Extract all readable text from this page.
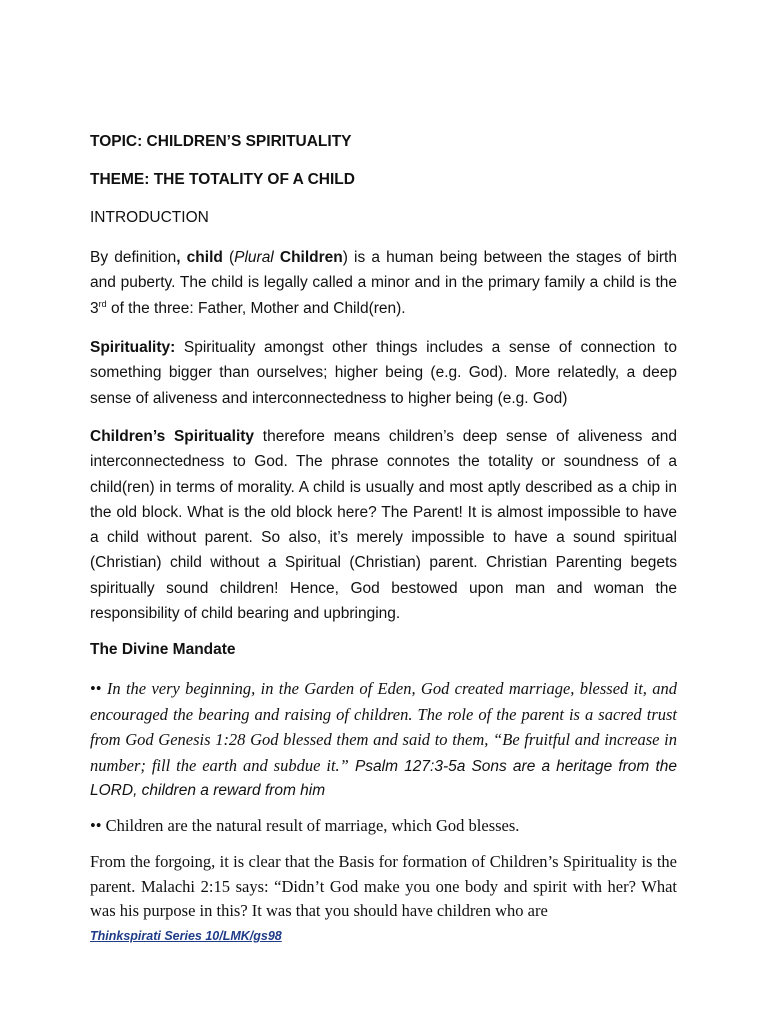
TOPIC: CHILDREN’S SPIRITUALITY

THEME: THE TOTALITY OF A CHILD

INTRODUCTION

By definition, child (Plural Children) is a human being between the stages of birth and puberty. The child is legally called a minor and in the primary family a child is the 3rd of the three: Father, Mother and Child(ren).

Spirituality: Spirituality amongst other things includes a sense of connection to something bigger than ourselves; higher being (e.g. God). More relatedly, a deep sense of aliveness and interconnectedness to higher being (e.g. God)

Children’s Spirituality therefore means children’s deep sense of aliveness and interconnectedness to God. The phrase connotes the totality or soundness of a child(ren) in terms of morality. A child is usually and most aptly described as a chip in the old block. What is the old block here? The Parent! It is almost impossible to have a child without parent. So also, it’s merely impossible to have a sound spiritual (Christian) child without a Spiritual (Christian) parent. Christian Parenting begets spiritually sound children! Hence, God bestowed upon man and woman the responsibility of child bearing and upbringing.

The Divine Mandate

•• In the very beginning, in the Garden of Eden, God created marriage, blessed it, and encouraged the bearing and raising of children. The role of the parent is a sacred trust from God Genesis 1:28 God blessed them and said to them, “Be fruitful and increase in number; fill the earth and subdue it.” Psalm 127:3-5a Sons are a heritage from the LORD, children a reward from him

•• Children are the natural result of marriage, which God blesses.

From the forgoing, it is clear that the Basis for formation of Children’s Spirituality is the parent. Malachi 2:15 says: “Didn’t God make you one body and spirit with her? What was his purpose in this? It was that you should have children who are

Thinkspirati Series 10/LMK/gs98
